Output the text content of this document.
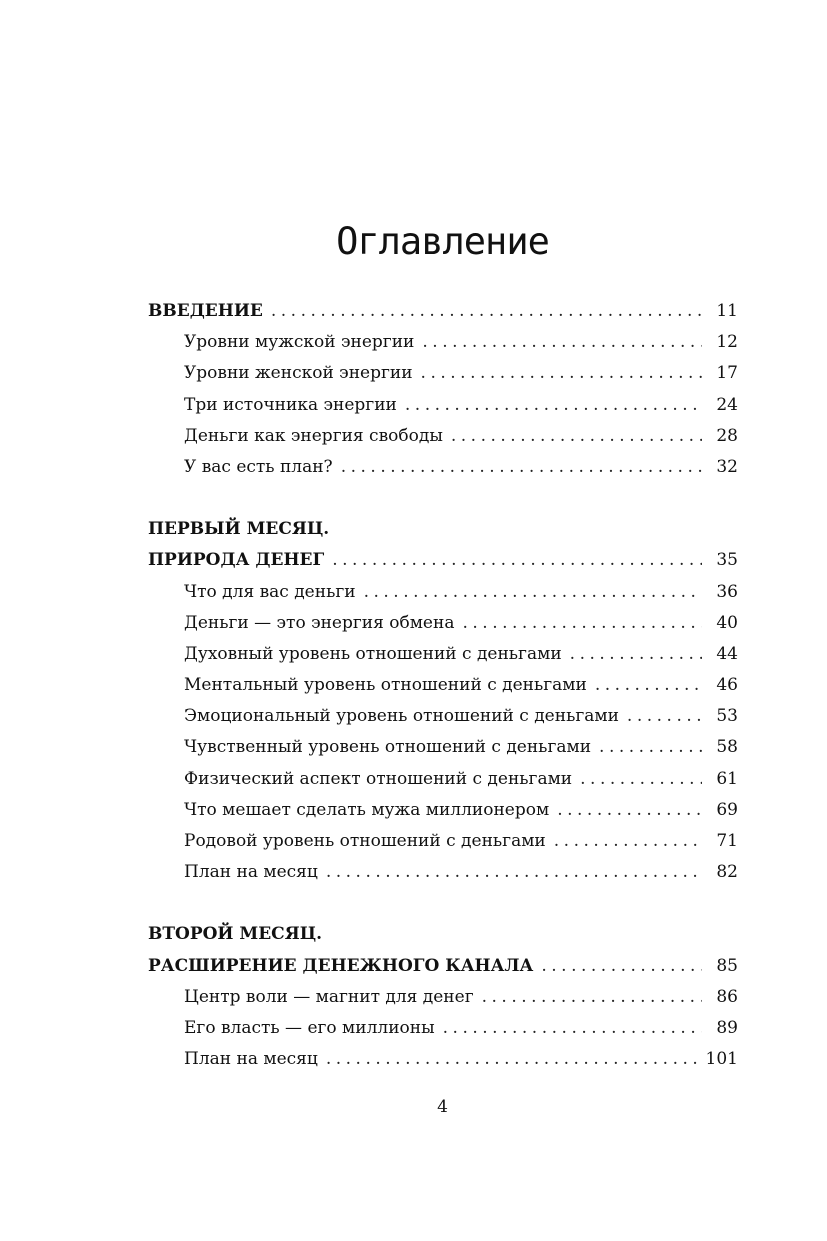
Оглавление
ВВЕДЕНИЕ . . .	11
Уровни мужской энергии . . .	12
Уровни женской энергии . . .	17
Три источника энергии . . .	24
Деньги как энергия свободы . . .	28
У вас есть план? . . .	32
ПЕРВЫЙ МЕСЯЦ.
ПРИРОДА ДЕНЕГ . . .	35
Что для вас деньги . . .	36
Деньги — это энергия обмена . . .	40
Духовный уровень отношений с деньгами . . .	44
Ментальный уровень отношений с деньгами . . .	46
Эмоциональный уровень отношений с деньгами . . .	53
Чувственный уровень отношений с деньгами . . .	58
Физический аспект отношений с деньгами . . .	61
Что мешает сделать мужа миллионером . . .	69
Родовой уровень отношений с деньгами . . .	71
План на месяц . . .	82
ВТОРОЙ МЕСЯЦ.
РАСШИРЕНИЕ ДЕНЕЖНОГО КАНАЛА . . .	85
Центр воли — магнит для денег . . .	86
Его власть — его миллионы . . .	89
План на месяц . . .	101
4
